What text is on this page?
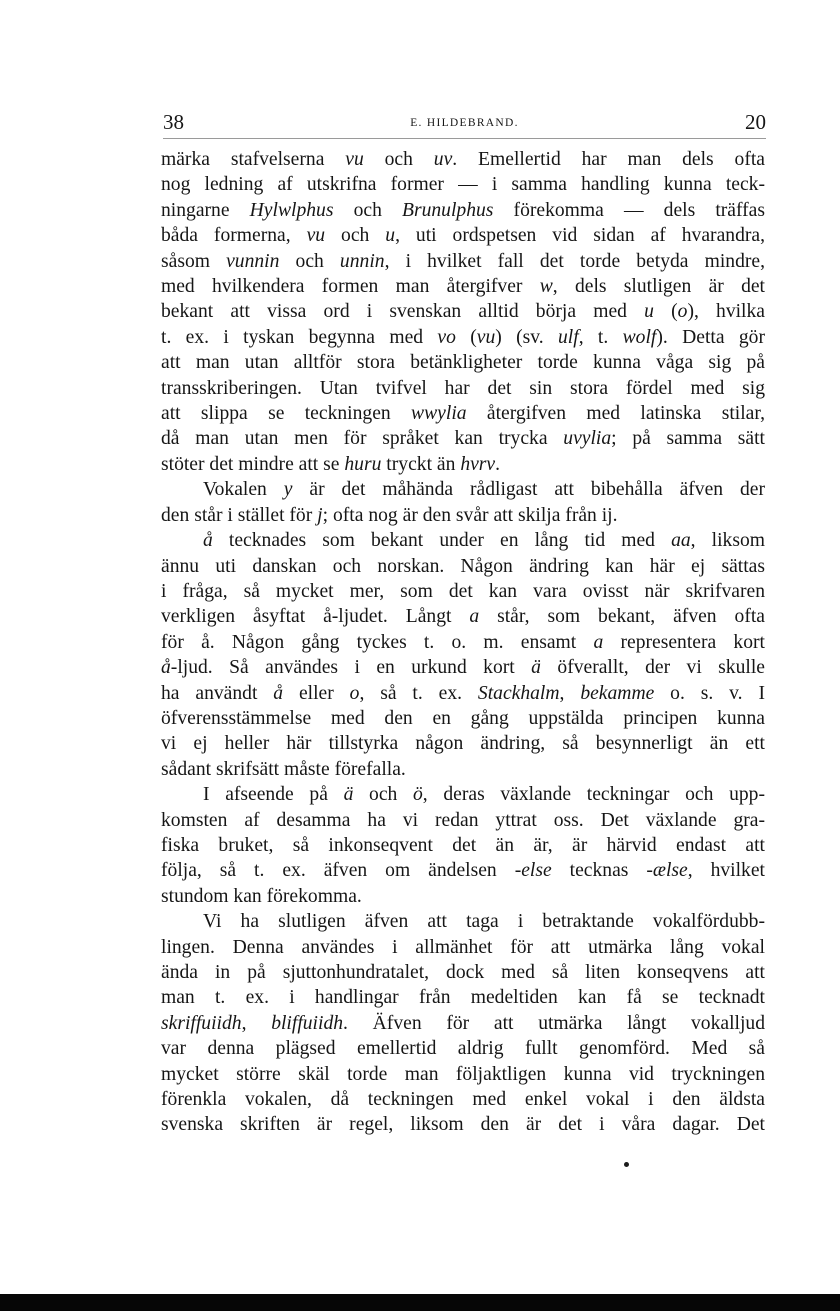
38	E. HILDEBRAND.	20

märka stafvelserna vu och uv. Emellertid har man dels ofta

nog ledning af utskrifna former — i samma handling kunna teck-

ningarne Hylwlphus och Brunulphus förekomma — dels träffas

båda formerna, vu och u, uti ordspetsen vid sidan af hvarandra,

såsom vunnin och unnin, i hvilket fall det torde betyda mindre,

med hvilkendera formen man återgifver w, dels slutligen är det

bekant att vissa ord i svenskan alltid börja med u (o), hvilka

t. ex. i tyskan begynna med vo (vu) (sv. ulf, t. wolf). Detta gör

att man utan alltför stora betänkligheter torde kunna våga sig på

transskriberingen. Utan tvifvel har det sin stora fördel med sig

att slippa se teckningen wwylia återgifven med latinska stilar,

då man utan men för språket kan trycka uvylia; på samma sätt

stöter det mindre att se huru tryckt än hvrv.

Vokalen y är det måhända rådligast att bibehålla äfven der

den står i stället för j; ofta nog är den svår att skilja från ij.

å tecknades som bekant under en lång tid med aa, liksom

ännu uti danskan och norskan. Någon ändring kan här ej sättas

i fråga, så mycket mer, som det kan vara ovisst när skrifvaren

verkligen åsyftat å-ljudet. Långt a står, som bekant, äfven ofta

för å. Någon gång tyckes t. o. m. ensamt a representera kort

å-ljud. Så användes i en urkund kort ä öfverallt, der vi skulle

ha användt å eller o, så t. ex. Stackhalm, bekamme o. s. v. I

öfverensstämmelse med den en gång uppstälda principen kunna

vi ej heller här tillstyrka någon ändring, så besynnerligt än ett

sådant skrifsätt måste förefalla.

I afseende på ä och ö, deras växlande teckningar och upp-

komsten af desamma ha vi redan yttrat oss. Det växlande gra-

fiska bruket, så inkonseqvent det än är, är härvid endast att

följa, så t. ex. äfven om ändelsen -else tecknas -ælse, hvilket

stundom kan förekomma.

Vi ha slutligen äfven att taga i betraktande vokalfördubb-

lingen. Denna användes i allmänhet för att utmärka lång vokal

ända in på sjuttonhundratalet, dock med så liten konseqvens att

man t. ex. i handlingar från medeltiden kan få se tecknadt

skriffuiidh, bliffuiidh. Äfven för att utmärka långt vokalljud

var denna plägsed emellertid aldrig fullt genomförd. Med så

mycket större skäl torde man följaktligen kunna vid tryckningen

förenkla vokalen, då teckningen med enkel vokal i den äldsta

svenska skriften är regel, liksom den är det i våra dagar. Det
